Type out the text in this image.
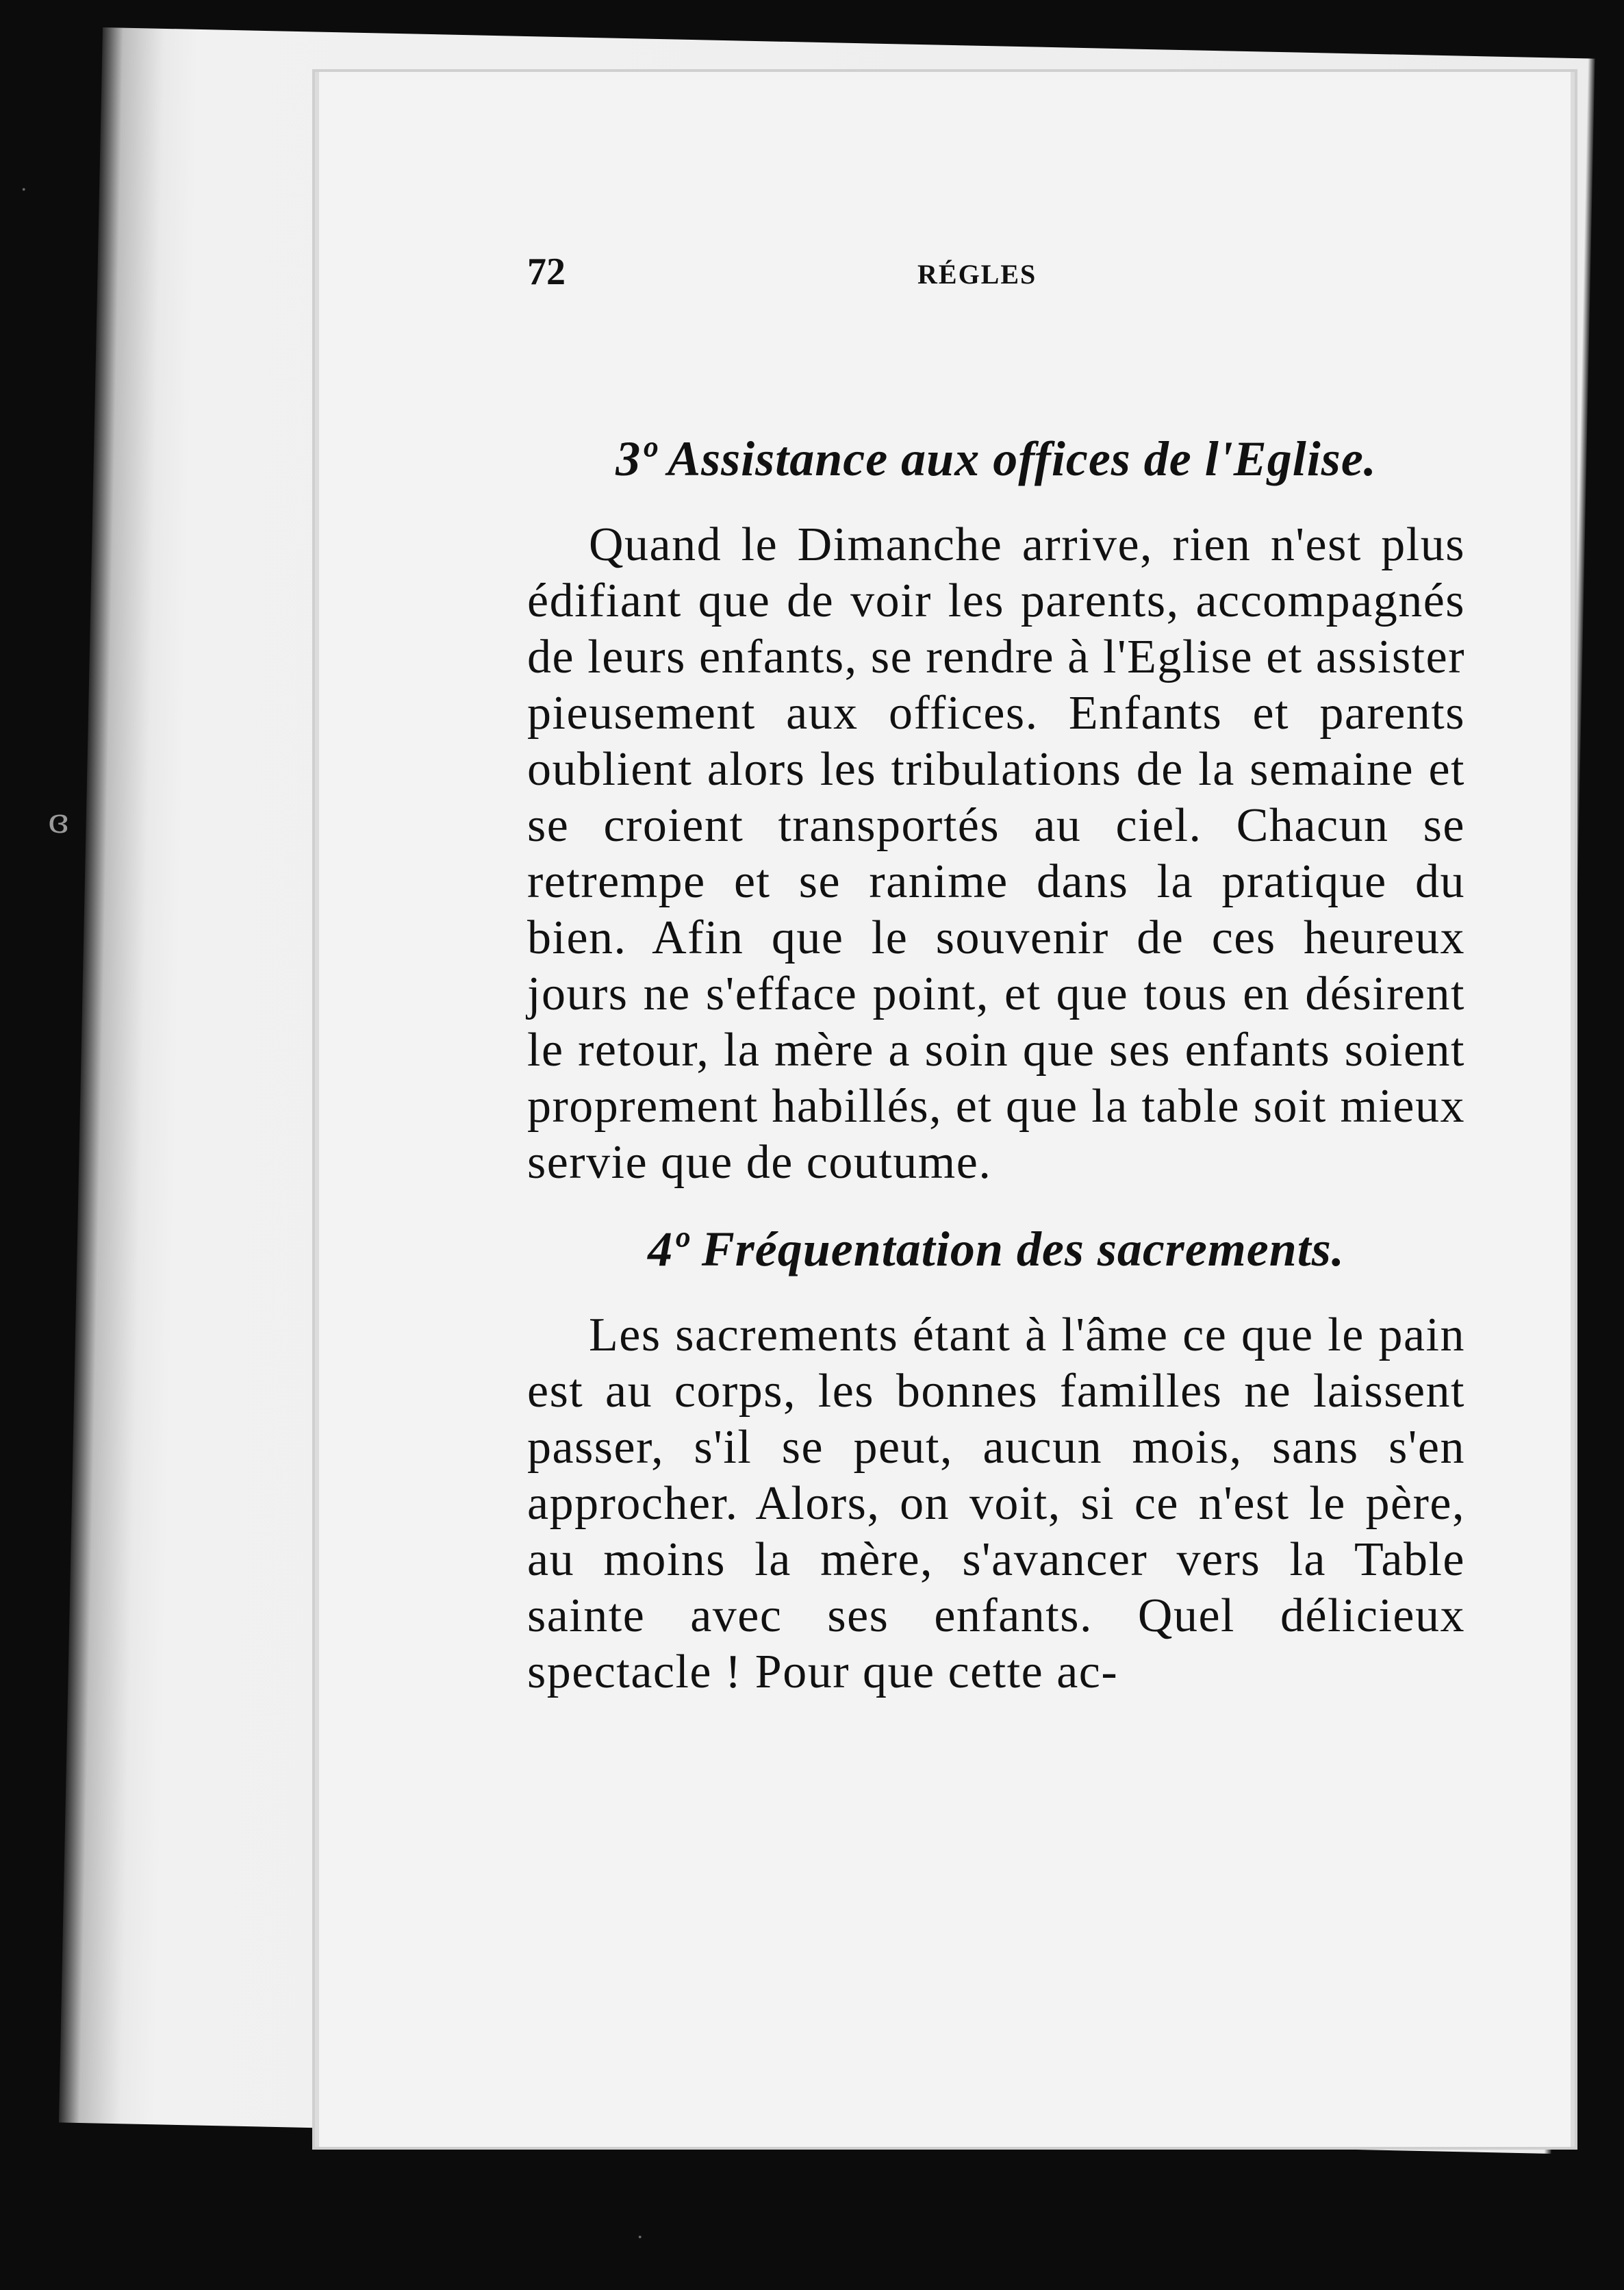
ɞ
·
·
72	RÉGLES
3º Assistance aux offices de l'Eglise.

Quand le Dimanche arrive, rien n'est plus édifiant que de voir les parents, accompagnés de leurs enfants, se rendre à l'Eglise et assister pieusement aux offices. Enfants et parents oublient alors les tribulations de la semaine et se croient transportés au ciel. Chacun se retrempe et se ranime dans la pratique du bien. Afin que le souvenir de ces heureux jours ne s'efface point, et que tous en désirent le retour, la mère a soin que ses enfants soient proprement habillés, et que la table soit mieux servie que de coutume.

4º Fréquentation des sacrements.

Les sacrements étant à l'âme ce que le pain est au corps, les bonnes familles ne laissent passer, s'il se peut, aucun mois, sans s'en approcher. Alors, on voit, si ce n'est le père, au moins la mère, s'avancer vers la Table sainte avec ses enfants. Quel délicieux spectacle ! Pour que cette ac-
